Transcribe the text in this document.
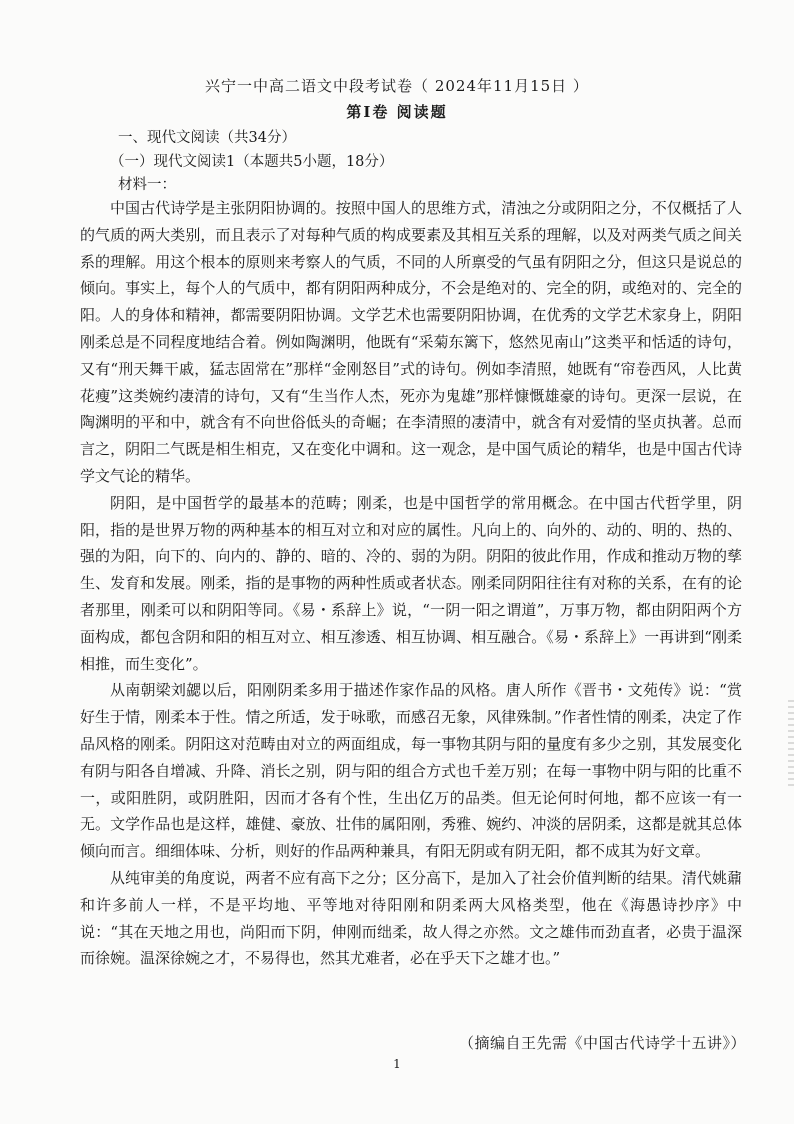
兴宁一中高二语文中段考试卷（ 2024年11月15日 ）
第Ⅰ卷 阅读题
一、现代文阅读（共34分）
（一）现代文阅读1（本题共5小题，18分）
材料一：

中国古代诗学是主张阴阳协调的。按照中国人的思维方式，清浊之分或阴阳之分，不仅概括了人的气质的两大类别，而且表示了对每种气质的构成要素及其相互关系的理解，以及对两类气质之间关系的理解。用这个根本的原则来考察人的气质，不同的人所禀受的气虽有阴阳之分，但这只是说总的倾向。事实上，每个人的气质中，都有阴阳两种成分，不会是绝对的、完全的阴，或绝对的、完全的阳。人的身体和精神，都需要阴阳协调。文学艺术也需要阴阳协调，在优秀的文学艺术家身上，阴阳刚柔总是不同程度地结合着。例如陶渊明，他既有“采菊东篱下，悠然见南山”这类平和恬适的诗句，又有“刑天舞干戚，猛志固常在”那样“金刚怒目”式的诗句。例如李清照，她既有“帘卷西风，人比黄花瘦”这类婉约凄清的诗句，又有“生当作人杰，死亦为鬼雄”那样慷慨雄豪的诗句。更深一层说，在陶渊明的平和中，就含有不向世俗低头的奇崛；在李清照的凄清中，就含有对爱情的坚贞执著。总而言之，阴阳二气既是相生相克，又在变化中调和。这一观念，是中国气质论的精华，也是中国古代诗学文气论的精华。

阴阳，是中国哲学的最基本的范畴；刚柔，也是中国哲学的常用概念。在中国古代哲学里，阴阳，指的是世界万物的两种基本的相互对立和对应的属性。凡向上的、向外的、动的、明的、热的、强的为阳，向下的、向内的、静的、暗的、冷的、弱的为阴。阴阳的彼此作用，作成和推动万物的孳生、发育和发展。刚柔，指的是事物的两种性质或者状态。刚柔同阴阳往往有对称的关系，在有的论者那里，刚柔可以和阴阳等同。《易・系辞上》说，“一阴一阳之谓道”，万事万物，都由阴阳两个方面构成，都包含阴和阳的相互对立、相互渗透、相互协调、相互融合。《易・系辞上》一再讲到“刚柔相推，而生变化”。

从南朝梁刘勰以后，阳刚阴柔多用于描述作家作品的风格。唐人所作《晋书・文苑传》说：“赏好生于情，刚柔本于性。情之所适，发于咏歌，而感召无象，风律殊制。”作者性情的刚柔，决定了作品风格的刚柔。阴阳这对范畴由对立的两面组成，每一事物其阴与阳的量度有多少之别，其发展变化有阴与阳各自增减、升降、消长之别，阴与阳的组合方式也千差万别；在每一事物中阴与阳的比重不一，或阳胜阴，或阴胜阳，因而才各有个性，生出亿万的品类。但无论何时何地，都不应该一有一无。文学作品也是这样，雄健、豪放、壮伟的属阳刚，秀雅、婉约、冲淡的居阴柔，这都是就其总体倾向而言。细细体味、分析，则好的作品两种兼具，有阳无阴或有阴无阳，都不成其为好文章。

从纯审美的角度说，两者不应有高下之分；区分高下，是加入了社会价值判断的结果。清代姚鼐和许多前人一样，不是平均地、平等地对待阳刚和阴柔两大风格类型，他在《海愚诗抄序》中说：“其在天地之用也，尚阳而下阴，伸刚而绌柔，故人得之亦然。文之雄伟而劲直者，必贵于温深而徐婉。温深徐婉之才，不易得也，然其尤难者，必在乎天下之雄才也。”

（摘编自王先需《中国古代诗学十五讲》）
1
